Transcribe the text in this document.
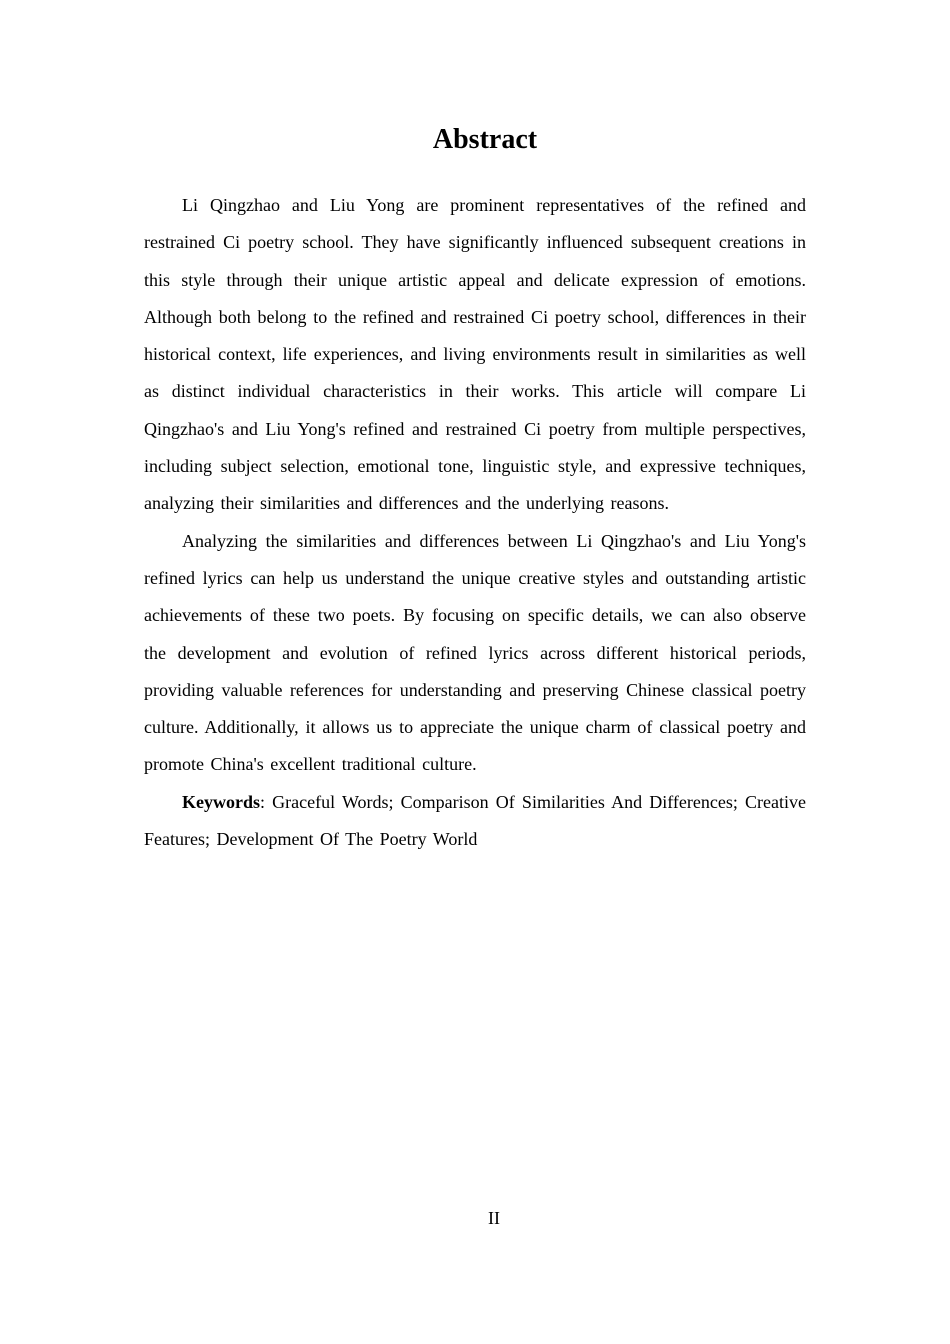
Abstract

Li Qingzhao and Liu Yong are prominent representatives of the refined and restrained Ci poetry school. They have significantly influenced subsequent creations in this style through their unique artistic appeal and delicate expression of emotions. Although both belong to the refined and restrained Ci poetry school, differences in their historical context, life experiences, and living environments result in similarities as well as distinct individual characteristics in their works. This article will compare Li Qingzhao's and Liu Yong's refined and restrained Ci poetry from multiple perspectives, including subject selection, emotional tone, linguistic style, and expressive techniques, analyzing their similarities and differences and the underlying reasons.

Analyzing the similarities and differences between Li Qingzhao's and Liu Yong's refined lyrics can help us understand the unique creative styles and outstanding artistic achievements of these two poets. By focusing on specific details, we can also observe the development and evolution of refined lyrics across different historical periods, providing valuable references for understanding and preserving Chinese classical poetry culture. Additionally, it allows us to appreciate the unique charm of classical poetry and promote China's excellent traditional culture.

Keywords: Graceful Words; Comparison Of Similarities And Differences; Creative Features; Development Of The Poetry World

II
